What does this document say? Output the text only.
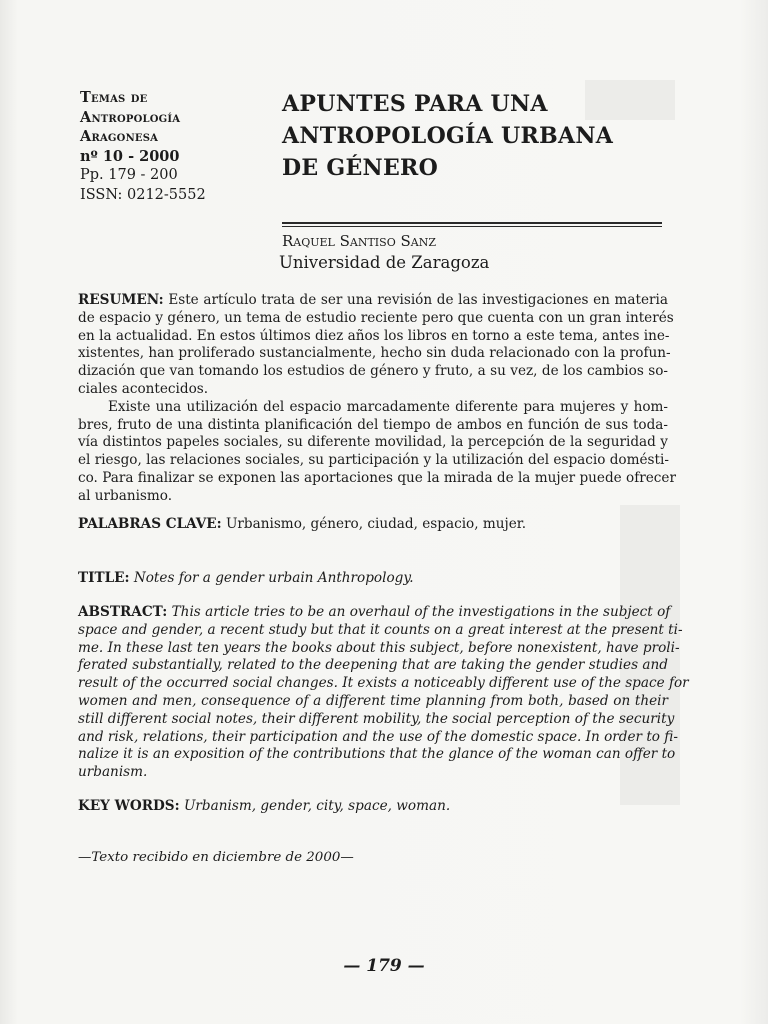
Temas de
Antropología
Aragonesa
nº 10 - 2000
Pp. 179 - 200
ISSN: 0212-5552
APUNTES PARA UNA
ANTROPOLOGÍA URBANA
DE GÉNERO
Raquel Santiso Sanz
Universidad de Zaragoza
RESUMEN: Este artículo trata de ser una revisión de las investigaciones en materia
de espacio y género, un tema de estudio reciente pero que cuenta con un gran interés
en la actualidad. En estos últimos diez años los libros en torno a este tema, antes ine-
xistentes, han proliferado sustancialmente, hecho sin duda relacionado con la profun-
dización que van tomando los estudios de género y fruto, a su vez, de los cambios so-
ciales acontecidos.
Existe una utilización del espacio marcadamente diferente para mujeres y hom-
bres, fruto de una distinta planificación del tiempo de ambos en función de sus toda-
vía distintos papeles sociales, su diferente movilidad, la percepción de la seguridad y
el riesgo, las relaciones sociales, su participación y la utilización del espacio domésti-
co. Para finalizar se exponen las aportaciones que la mirada de la mujer puede ofrecer
al urbanismo.
PALABRAS CLAVE: Urbanismo, género, ciudad, espacio, mujer.
TITLE: Notes for a gender urbain Anthropology.
ABSTRACT: This article tries to be an overhaul of the investigations in the subject of
space and gender, a recent study but that it counts on a great interest at the present ti-
me. In these last ten years the books about this subject, before nonexistent, have proli-
ferated substantially, related to the deepening that are taking the gender studies and
result of the occurred social changes. It exists a noticeably different use of the space for
women and men, consequence of a different time planning from both, based on their
still different social notes, their different mobility, the social perception of the security
and risk, relations, their participation and the use of the domestic space. In order to fi-
nalize it is an exposition of the contributions that the glance of the woman can offer to
urbanism.
KEY WORDS: Urbanism, gender, city, space, woman.
—Texto recibido en diciembre de 2000—
— 179 —
